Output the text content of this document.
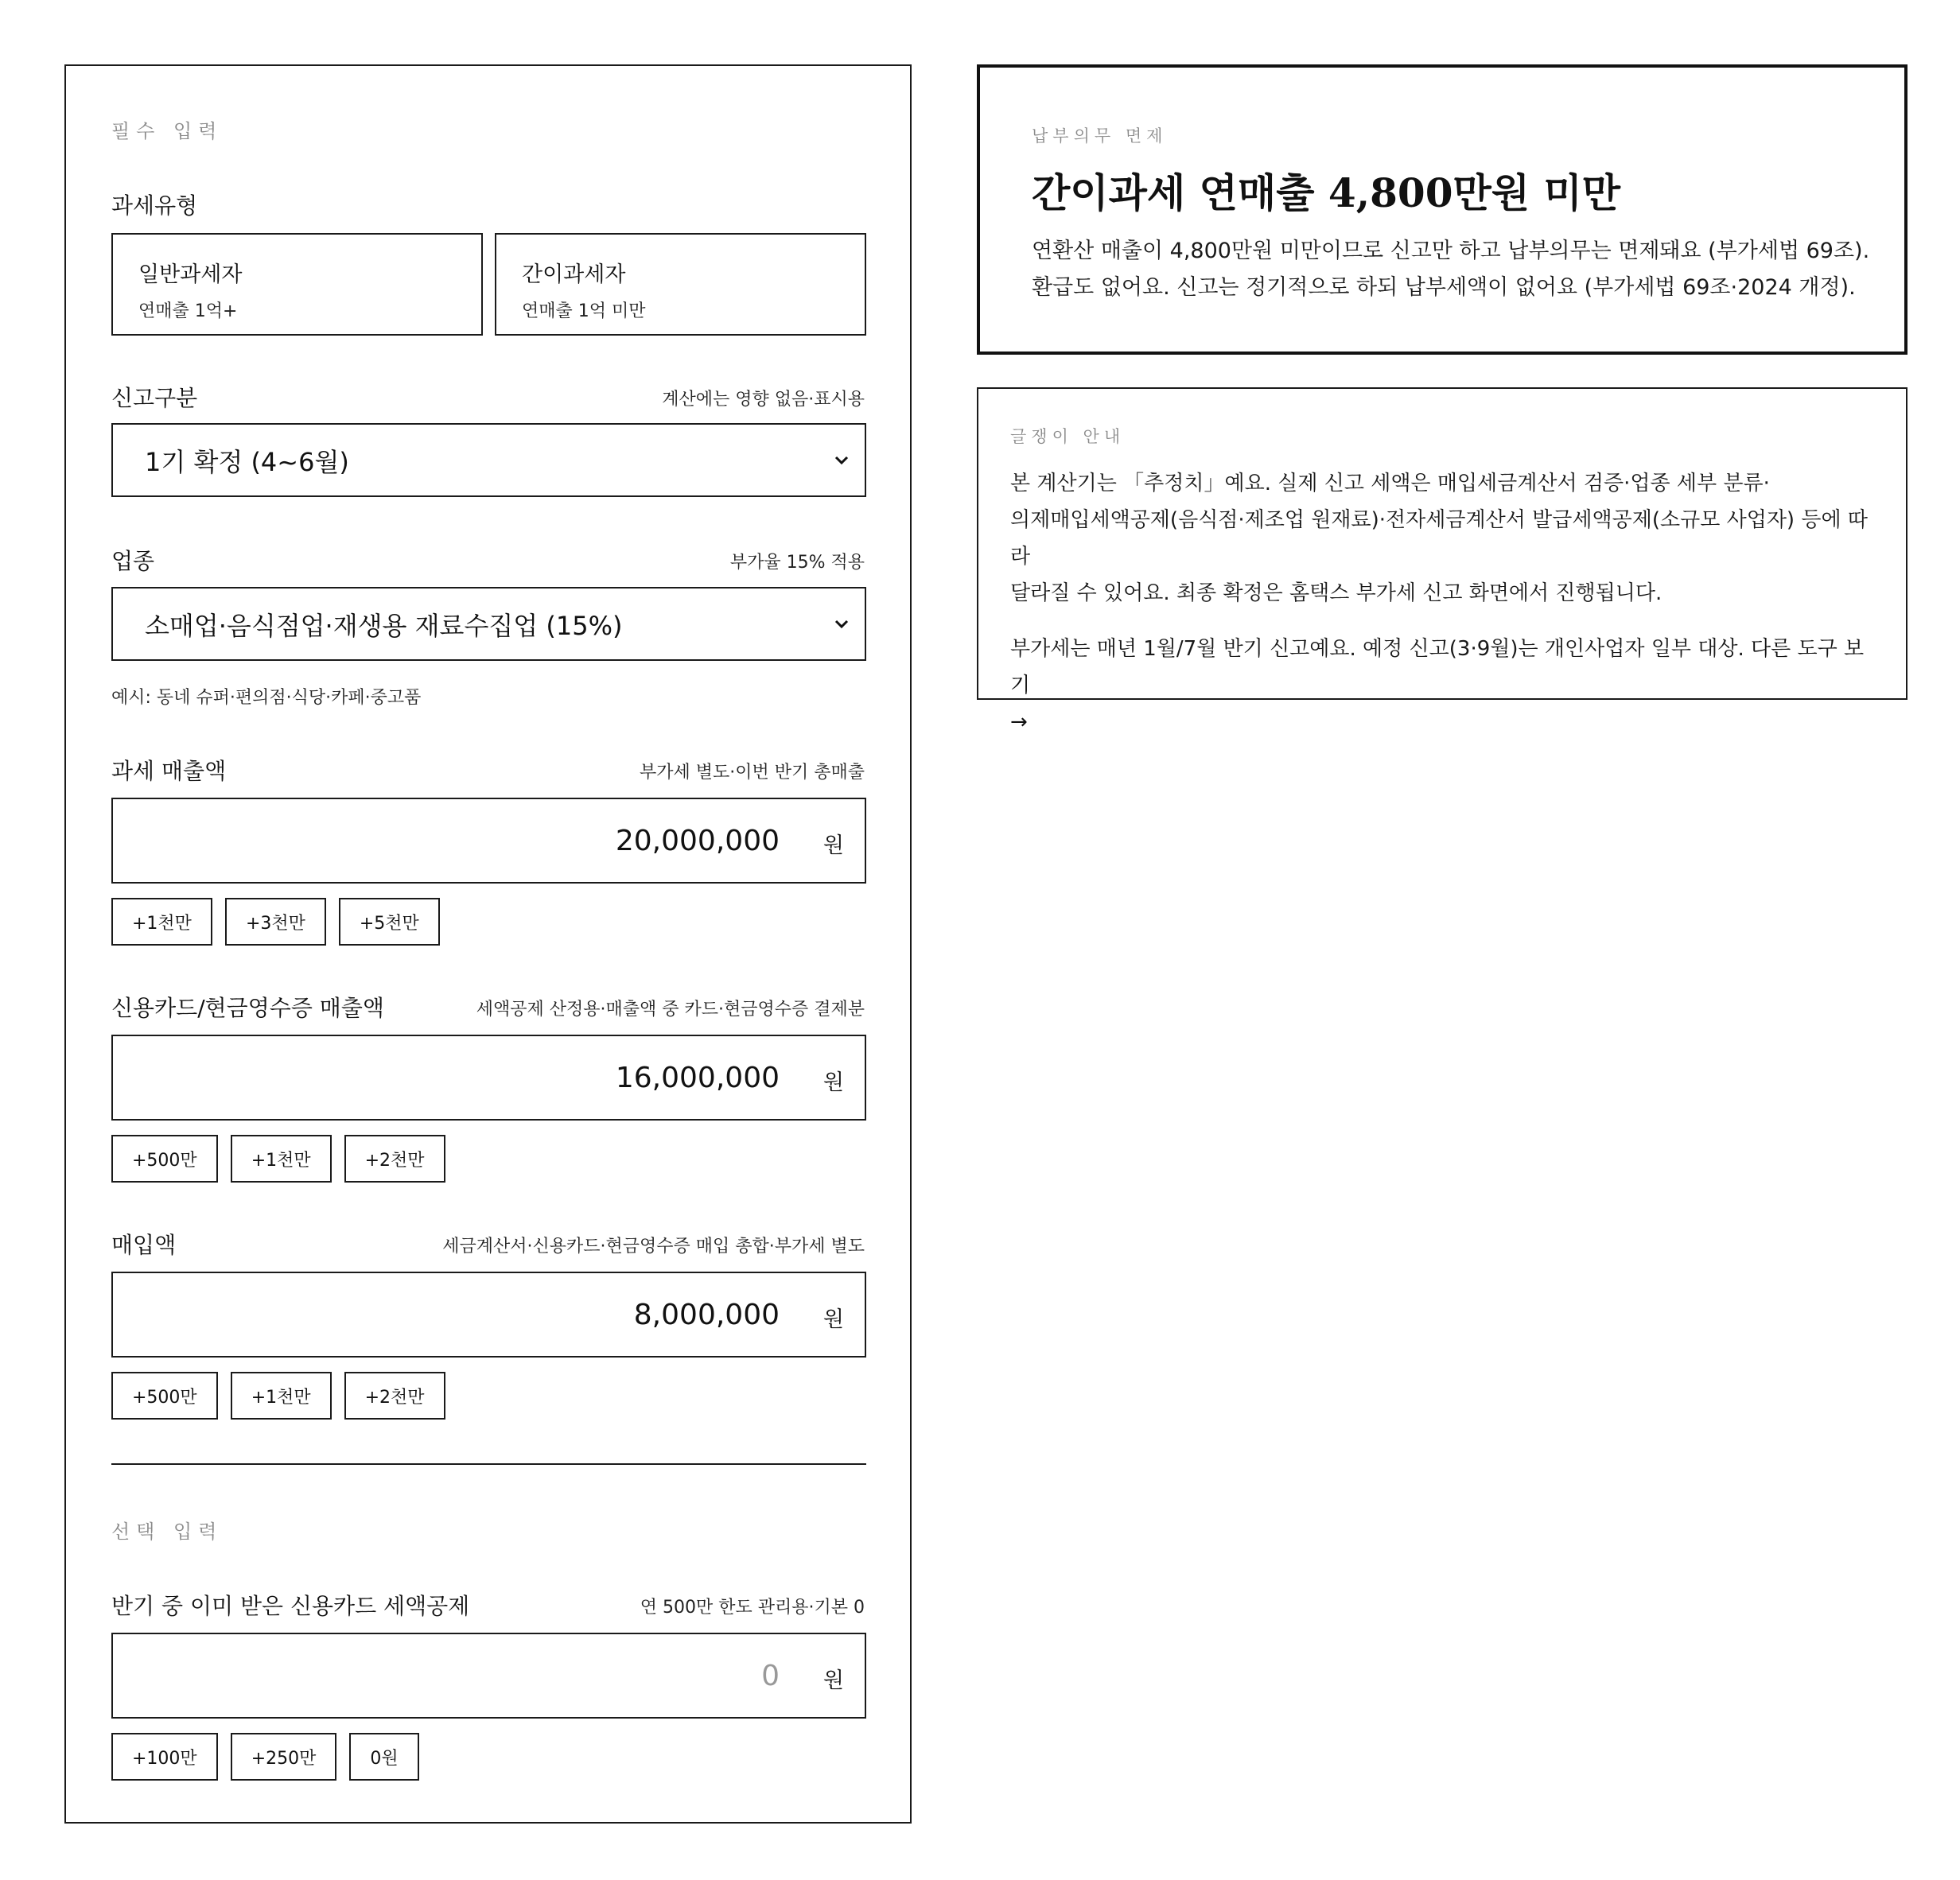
필수 입력
과세유형
일반과세자
연매출 1억+
간이과세자
연매출 1억 미만
신고구분	계산에는 영향 없음·표시용
1기 확정 (4~6월)
업종	부가율 15% 적용
소매업·음식점업·재생용 재료수집업 (15%)
예시: 동네 슈퍼·편의점·식당·카페·중고품
과세 매출액	부가세 별도·이번 반기 총매출
20,000,000 원
+1천만	+3천만	+5천만
신용카드/현금영수증 매출액	세액공제 산정용·매출액 중 카드·현금영수증 결제분
16,000,000 원
+500만	+1천만	+2천만
매입액	세금계산서·신용카드·현금영수증 매입 총합·부가세 별도
8,000,000 원
+500만	+1천만	+2천만
선택 입력
반기 중 이미 받은 신용카드 세액공제	연 500만 한도 관리용·기본 0
0 원
+100만	+250만	0원
납부의무 면제
간이과세 연매출 4,800만원 미만
연환산 매출이 4,800만원 미만이므로 신고만 하고 납부의무는 면제돼요 (부가세법 69조).
환급도 없어요. 신고는 정기적으로 하되 납부세액이 없어요 (부가세법 69조·2024 개정).
글쟁이 안내
본 계산기는 「추정치」예요. 실제 신고 세액은 매입세금계산서 검증·업종 세부 분류·
의제매입세액공제(음식점·제조업 원재료)·전자세금계산서 발급세액공제(소규모 사업자) 등에 따라
달라질 수 있어요. 최종 확정은 홈택스 부가세 신고 화면에서 진행됩니다.
부가세는 매년 1월/7월 반기 신고예요. 예정 신고(3·9월)는 개인사업자 일부 대상. 다른 도구 보기
→
